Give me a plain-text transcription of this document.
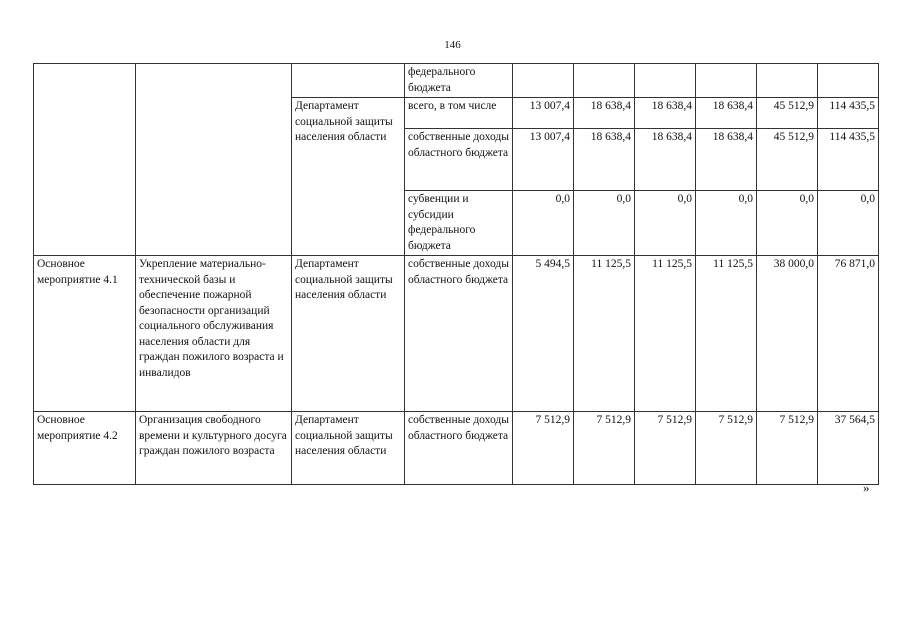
146
			федерального бюджета						
		Департамент социальной защиты населения области	всего, в том числе	13 007,4	18 638,4	18 638,4	18 638,4	45 512,9	114 435,5
			собственные доходы областного бюджета	13 007,4	18 638,4	18 638,4	18 638,4	45 512,9	114 435,5
			субвенции и субсидии федерального бюджета	0,0	0,0	0,0	0,0	0,0	0,0
Основное мероприятие 4.1	Укрепление материально-технической базы и обеспечение пожарной безопасности организаций социального обслуживания населения области для граждан пожилого возраста и инвалидов	Департамент социальной защиты населения области	собственные доходы областного бюджета	5 494,5	11 125,5	11 125,5	11 125,5	38 000,0	76 871,0
Основное мероприятие 4.2	Организация свободного времени и культурного досуга граждан пожилого возраста	Департамент социальной защиты населения области	собственные доходы областного бюджета	7 512,9	7 512,9	7 512,9	7 512,9	7 512,9	37 564,5
»
